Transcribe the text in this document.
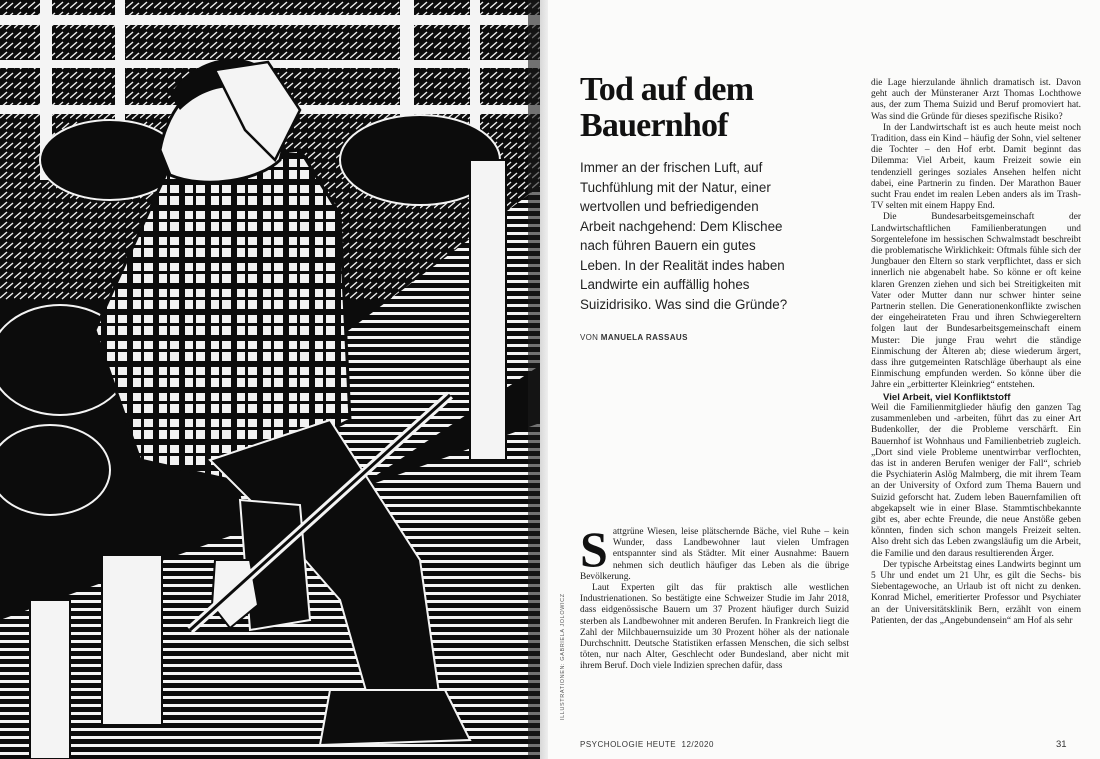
ILLUSTRATIONEN: GABRIELA JOLOWICZ
Tod auf dem
Bauernhof

Immer an der frischen Luft, auf Tuchfühlung mit der Natur, einer wertvollen und befriedigenden Arbeit nachgehend: Dem Klischee nach führen Bauern ein gutes Leben. In der Realität indes haben Landwirte ein auffällig hohes Suizidrisiko. Was sind die Gründe?

VON MANUELA RASSAUS

Sattgrüne Wiesen, leise plätschernde Bäche, viel Ruhe – kein Wunder, dass Landbewohner laut vielen Umfragen entspannter sind als Städter. Mit einer Ausnahme: Bauern nehmen sich deutlich häufiger das Leben als die übrige Bevölkerung.

Laut Experten gilt das für praktisch alle westlichen Industrienationen. So bestätigte eine Schweizer Studie im Jahr 2018, dass eidgenössische Bauern um 37 Prozent häufiger durch Suizid sterben als Landbewohner mit anderen Berufen. In Frankreich liegt die Zahl der Milchbauernsuizide um 30 Prozent höher als der nationale Durchschnitt. Deutsche Statistiken erfassen Menschen, die sich selbst töten, nur nach Alter, Geschlecht oder Bundesland, aber nicht mit ihrem Beruf. Doch viele Indizien sprechen dafür, dass

die Lage hierzulande ähnlich dramatisch ist. Davon geht auch der Münsteraner Arzt Thomas Lochthowe aus, der zum Thema Suizid und Beruf promoviert hat. Was sind die Gründe für dieses spezifische Risiko?

In der Landwirtschaft ist es auch heute meist noch Tradition, dass ein Kind – häufig der Sohn, viel seltener die Tochter – den Hof erbt. Damit beginnt das Dilemma: Viel Arbeit, kaum Freizeit sowie ein tendenziell geringes soziales Ansehen helfen nicht dabei, eine Partnerin zu finden. Der Marathon Bauer sucht Frau endet im realen Leben anders als im Trash-TV selten mit einem Happy End.

Die Bundesarbeitsgemeinschaft der Landwirtschaftlichen Familienberatungen und Sorgentelefone im hessischen Schwalmstadt beschreibt die problematische Wirklichkeit: Oftmals fühle sich der Jungbauer den Eltern so stark verpflichtet, dass er sich innerlich nie abgenabelt habe. So könne er oft keine klaren Grenzen ziehen und sich bei Streitigkeiten mit Vater oder Mutter dann nur schwer hinter seine Partnerin stellen. Die Generationenkonflikte zwischen der eingeheirateten Frau und ihren Schwiegereltern folgen laut der Bundesarbeitsgemeinschaft einem Muster: Die junge Frau wehrt die ständige Einmischung der Älteren ab; diese wiederum ärgert, dass ihre gutgemeinten Ratschläge überhaupt als eine Einmischung empfunden werden. So könne über die Jahre ein „erbitterter Kleinkrieg“ entstehen.

Viel Arbeit, viel Konfliktstoff

Weil die Familienmitglieder häufig den ganzen Tag zusammenleben und -arbeiten, führt das zu einer Art Budenkoller, der die Probleme verschärft. Ein Bauernhof ist Wohnhaus und Familienbetrieb zugleich. „Dort sind viele Probleme unentwirrbar verflochten, das ist in anderen Berufen weniger der Fall“, schrieb die Psychiaterin Aslög Malmberg, die mit ihrem Team an der University of Oxford zum Thema Bauern und Suizid geforscht hat. Zudem leben Bauernfamilien oft abgekapselt wie in einer Blase. Stammtischbekannte gibt es, aber echte Freunde, die neue Anstöße geben könnten, finden sich schon mangels Freizeit selten. Also dreht sich das Leben zwangsläufig um die Arbeit, die Familie und den daraus resultierenden Ärger.

Der typische Arbeitstag eines Landwirts beginnt um 5 Uhr und endet um 21 Uhr, es gilt die Sechs- bis Siebentagewoche, an Urlaub ist oft nicht zu denken. Konrad Michel, emeritierter Professor und Psychiater an der Universitätsklinik Bern, erzählt von einem Patienten, der das „Angebundensein“ am Hof als sehr

PSYCHOLOGIE HEUTE 12/2020	31
